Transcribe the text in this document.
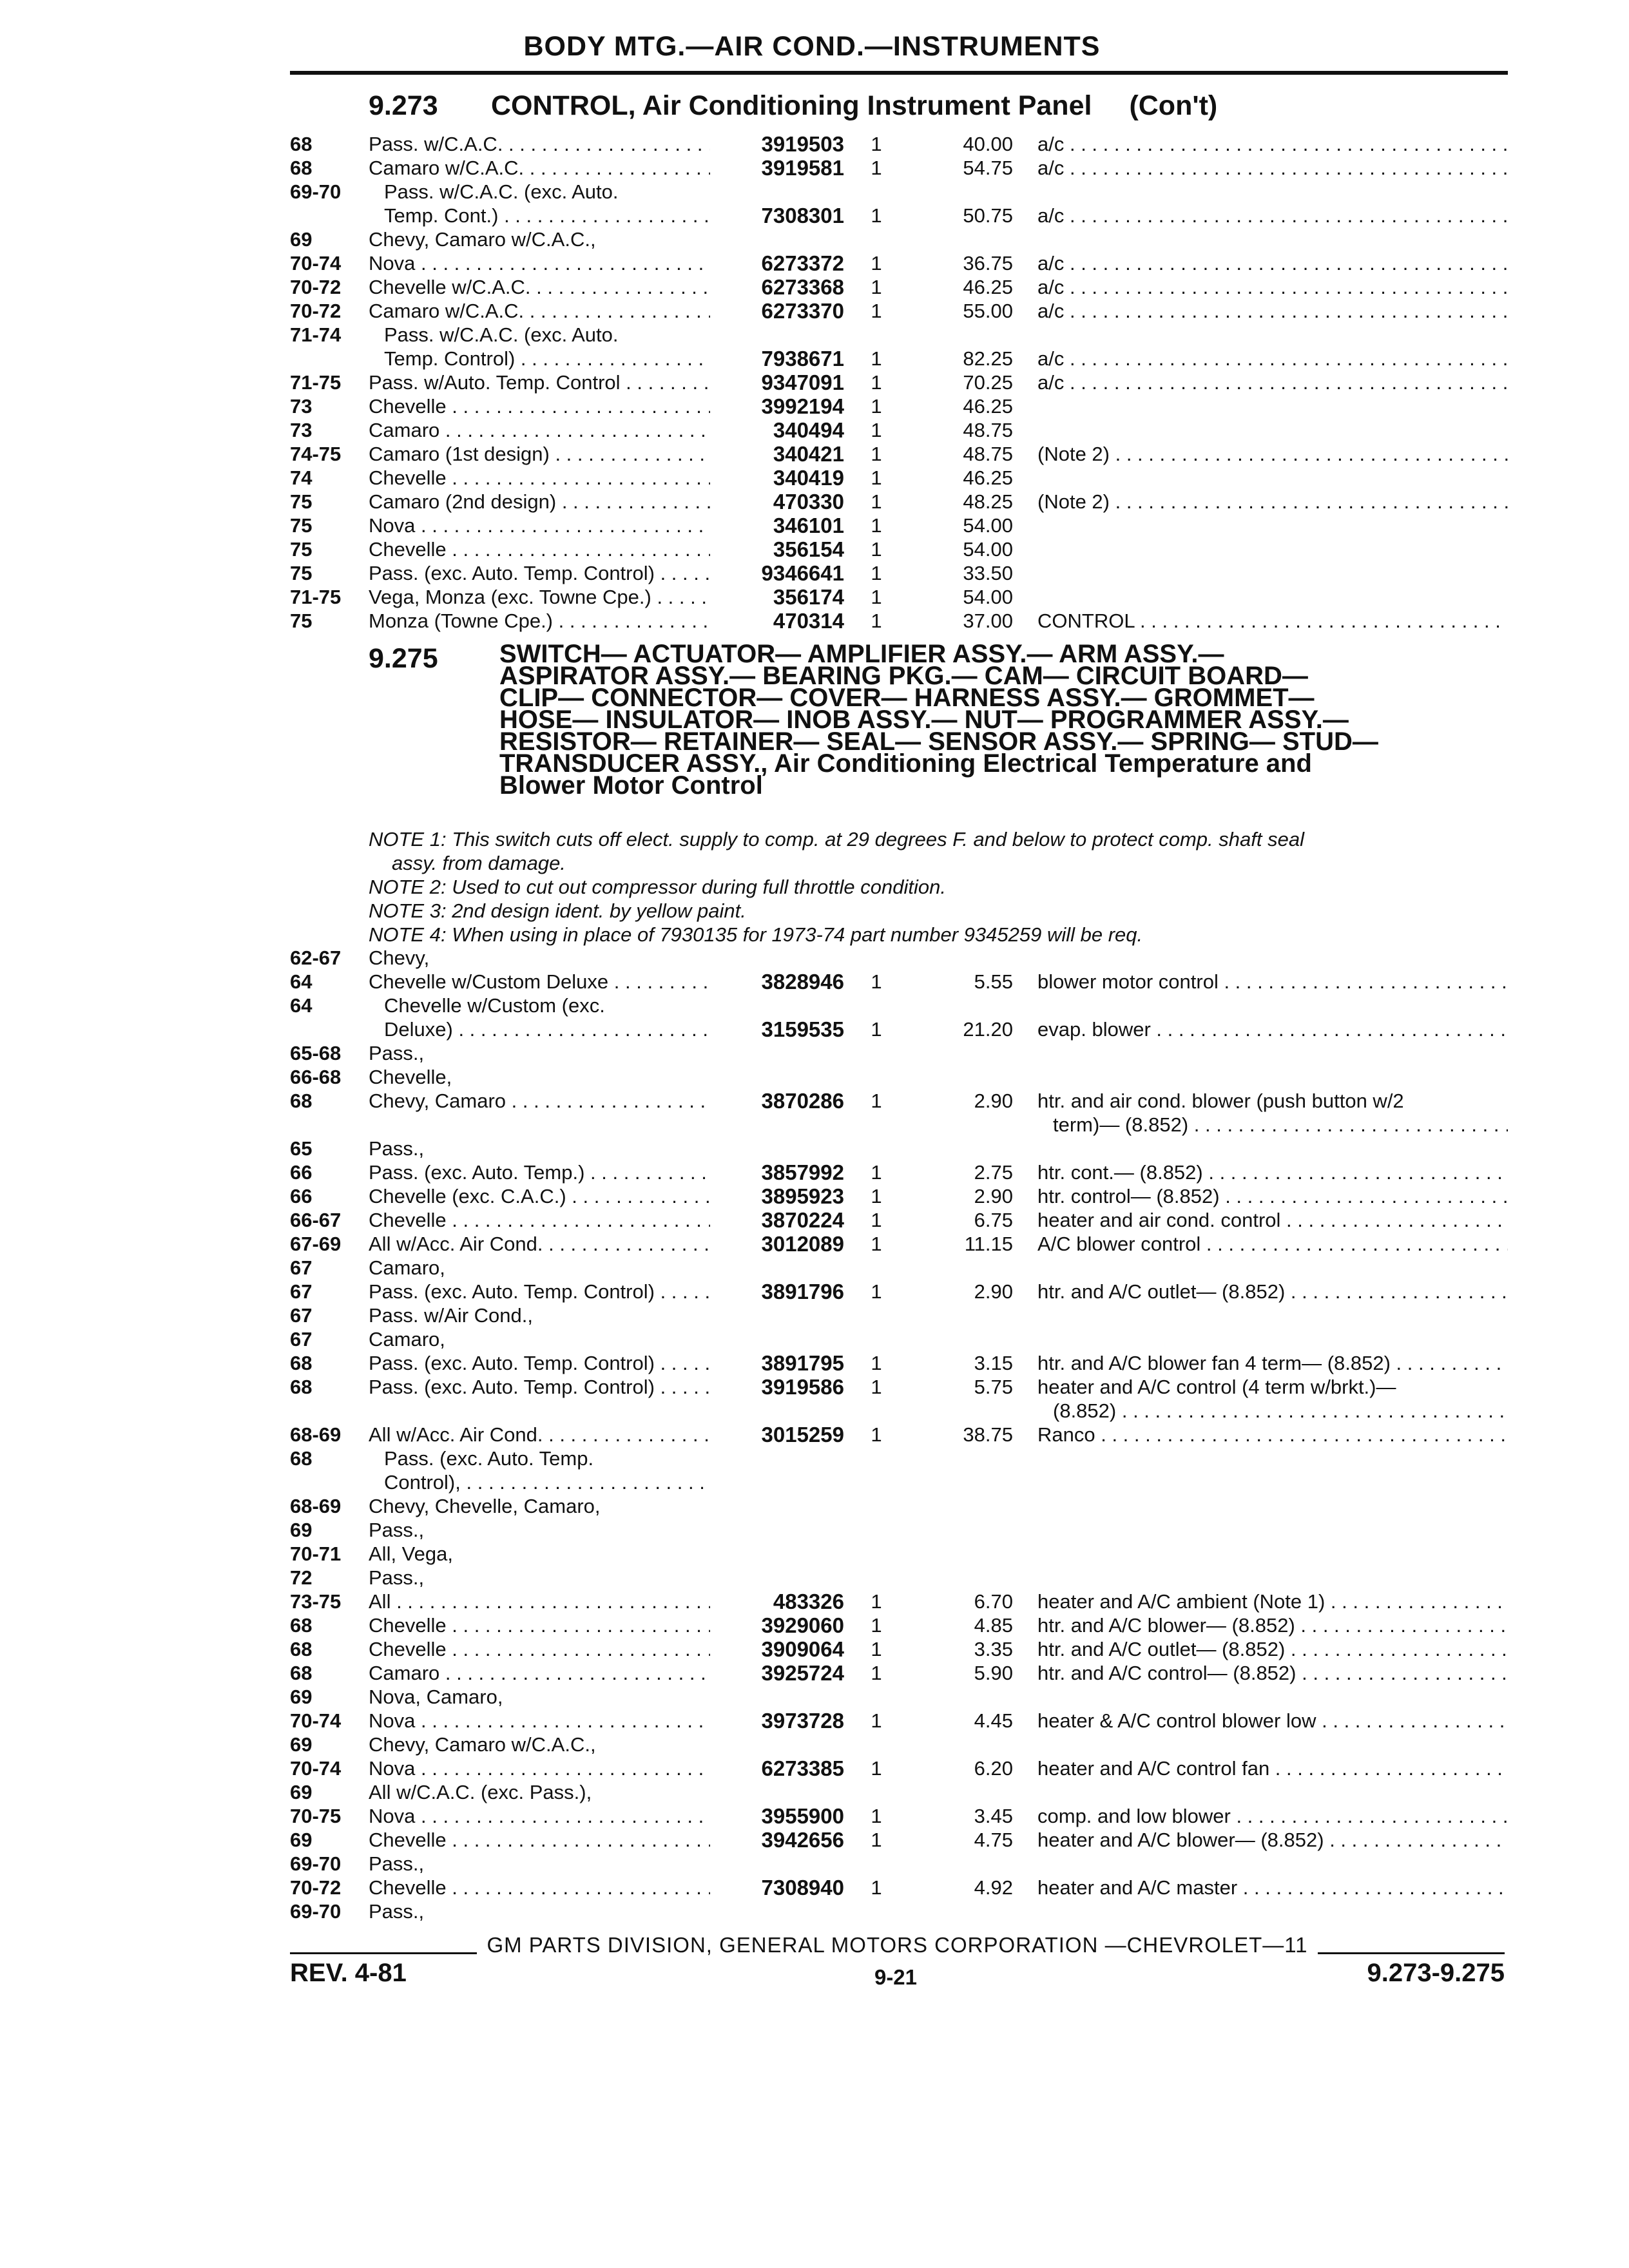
BODY MTG.—AIR COND.—INSTRUMENTS
9.273 CONTROL, Air Conditioning Instrument Panel (Con't)
68	Pass. w/C.A.C. . . .	3919503 1	40.00 a/c . . .
68	Camaro w/C.A.C. . . .	3919581 1	54.75 a/c . . .
69-70	Pass. w/C.A.C. (exc. Auto.
Temp. Cont.) . . .	7308301 1	50.75 a/c . . .
69	Chevy, Camaro w/C.A.C.,
70-74	Nova . . .	6273372 1	36.75 a/c . . .
70-72	Chevelle w/C.A.C. . . .	6273368 1	46.25 a/c . . .
70-72	Camaro w/C.A.C. . . .	6273370 1	55.00 a/c . . .
71-74	Pass. w/C.A.C. (exc. Auto.
Temp. Control) . . .	7938671 1	82.25 a/c . . .
71-75	Pass. w/Auto. Temp. Control . . .	9347091 1	70.25 a/c . . .
73	Chevelle . . .	3992194 1	46.25
73	Camaro . . .	340494 1	48.75
74-75	Camaro (1st design) . . .	340421 1	48.75 (Note 2) . . .
74	Chevelle . . .	340419 1	46.25
75	Camaro (2nd design) . . .	470330 1	48.25 (Note 2) . . .
75	Nova . . .	346101 1	54.00
75	Chevelle . . .	356154 1	54.00
75	Pass. (exc. Auto. Temp. Control) . . .	9346641 1	33.50
71-75	Vega, Monza (exc. Towne Cpe.) . . .	356174 1	54.00
75	Monza (Towne Cpe.) . . .	470314 1	37.00 CONTROL . . .
9.275 SWITCH— ACTUATOR— AMPLIFIER ASSY.— ARM ASSY.—
ASPIRATOR ASSY.— BEARING PKG.— CAM— CIRCUIT BOARD—
CLIP— CONNECTOR— COVER— HARNESS ASSY.— GROMMET—
HOSE— INSULATOR— INOB ASSY.— NUT— PROGRAMMER ASSY.—
RESISTOR— RETAINER— SEAL— SENSOR ASSY.— SPRING— STUD—
TRANSDUCER ASSY., Air Conditioning Electrical Temperature and
Blower Motor Control
NOTE 1: This switch cuts off elect. supply to comp. at 29 degrees F. and below to protect comp. shaft seal
assy. from damage.
NOTE 2: Used to cut out compressor during full throttle condition.
NOTE 3: 2nd design ident. by yellow paint.
NOTE 4: When using in place of 7930135 for 1973-74 part number 9345259 will be req.
62-67	Chevy,
64	Chevelle w/Custom Deluxe . . .	3828946 1	5.55 blower motor control . . .
64	Chevelle w/Custom (exc.
Deluxe) . . .	3159535 1	21.20 evap. blower . . .
65-68	Pass.,
66-68	Chevelle,
68	Chevy, Camaro . . .	3870286 1	2.90 htr. and air cond. blower (push button w/2
term)— (8.852) . . .
65	Pass.,
66	Pass. (exc. Auto. Temp.) . . .	3857992 1	2.75 htr. cont.— (8.852) . . .
66	Chevelle (exc. C.A.C.) . . .	3895923 1	2.90 htr. control— (8.852) . . .
66-67	Chevelle . . .	3870224 1	6.75 heater and air cond. control . . .
67-69	All w/Acc. Air Cond. . . .	3012089 1	11.15 A/C blower control . . .
67	Camaro,
67	Pass. (exc. Auto. Temp. Control) . . .	3891796 1	2.90 htr. and A/C outlet— (8.852) . . .
67	Pass. w/Air Cond.,
67	Camaro,
68	Pass. (exc. Auto. Temp. Control) . . .	3891795 1	3.15 htr. and A/C blower fan 4 term— (8.852) . . .
68	Pass. (exc. Auto. Temp. Control) . . .	3919586 1	5.75 heater and A/C control (4 term w/brkt.)—
(8.852) . . .
68-69	All w/Acc. Air Cond. . . .	3015259 1	38.75 Ranco . . .
68	Pass. (exc. Auto. Temp.
Control), . . .
68-69	Chevy, Chevelle, Camaro,
69	Pass.,
70-71	All, Vega,
72	Pass.,
73-75	All . . .	483326 1	6.70 heater and A/C ambient (Note 1) . . .
68	Chevelle . . .	3929060 1	4.85 htr. and A/C blower— (8.852) . . .
68	Chevelle . . .	3909064 1	3.35 htr. and A/C outlet— (8.852) . . .
68	Camaro . . .	3925724 1	5.90 htr. and A/C control— (8.852) . . .
69	Nova, Camaro,
70-74	Nova . . .	3973728 1	4.45 heater & A/C control blower low . . .
69	Chevy, Camaro w/C.A.C.,
70-74	Nova . . .	6273385 1	6.20 heater and A/C control fan . . .
69	All w/C.A.C. (exc. Pass.),
70-75	Nova . . .	3955900 1	3.45 comp. and low blower . . .
69	Chevelle . . .	3942656 1	4.75 heater and A/C blower— (8.852) . . .
69-70	Pass.,
70-72	Chevelle . . .	7308940 1	4.92 heater and A/C master . . .
69-70	Pass.,
GM PARTS DIVISION, GENERAL MOTORS CORPORATION —CHEVROLET—11
REV. 4-81	9-21	9.273-9.275
